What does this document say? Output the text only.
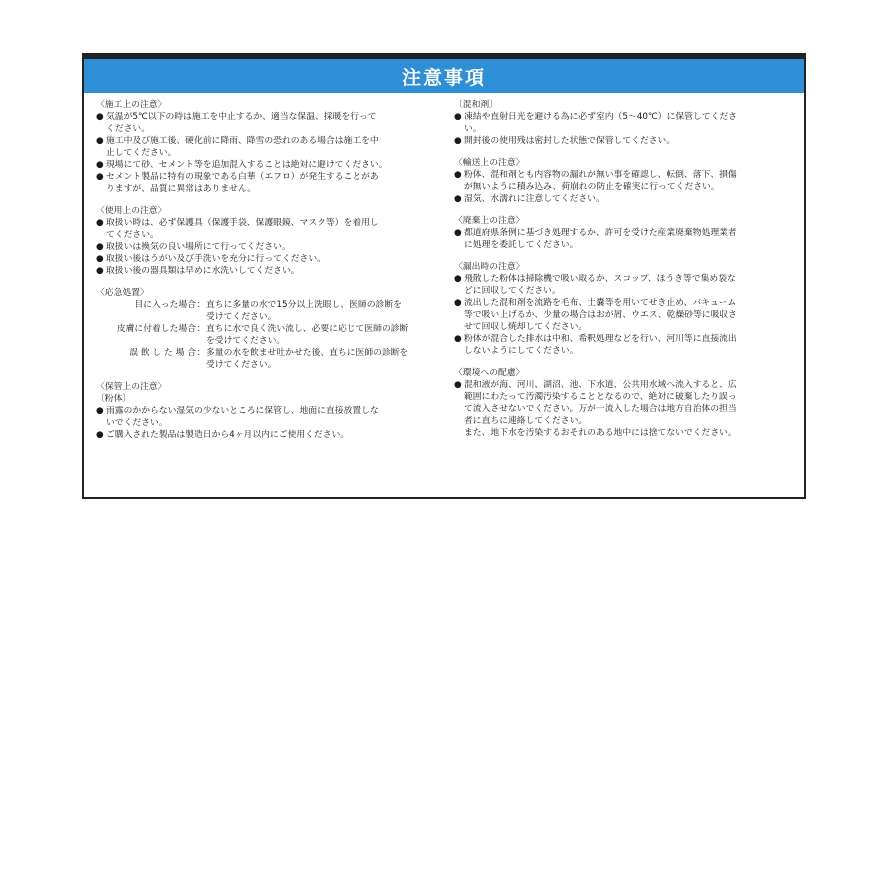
注意事項
〈施工上の注意〉
● 気温が5℃以下の時は施工を中止するか、適当な保温、採暖を行って
ください。
● 施工中及び施工後、硬化前に降雨、降雪の恐れのある場合は施工を中
止してください。
● 現場にて砂、セメント等を追加混入することは絶対に避けてください。
● セメント製品に特有の現象である白華（エフロ）が発生することがあ
りますが、品質に異常はありません。
〈使用上の注意〉
● 取扱い時は、必ず保護具（保護手袋、保護眼鏡、マスク等）を着用し
てください。
● 取扱いは換気の良い場所にて行ってください。
● 取扱い後はうがい及び手洗いを充分に行ってください。
● 取扱い後の器具類は早めに水洗いしてください。
〈応急処置〉
目に入った場合 ： 直ちに多量の水で15分以上洗眼し、医師の診断を
受けてください。
皮膚に付着した場合 ： 直ちに水で良く洗い流し、必要に応じて医師の診断
を受けてください。
誤 飲 し た 場 合 ： 多量の水を飲ませ吐かせた後、直ちに医師の診断を
受けてください。
〈保管上の注意〉
〔粉体〕
● 雨露のかからない湿気の少ないところに保管し、地面に直接放置しな
いでください。
● ご購入された製品は製造日から4ヶ月以内にご使用ください。
〔混和剤〕
● 凍結や直射日光を避ける為に必ず室内（5～40℃）に保管してくださ
い。
● 開封後の使用残は密封した状態で保管してください。
〈輸送上の注意〉
● 粉体、混和剤とも内容物の漏れが無い事を確認し、転倒、落下、損傷
が無いように積み込み、荷崩れの防止を確実に行ってください。
● 湿気、水濡れに注意してください。
〈廃棄上の注意〉
● 都道府県条例に基づき処理するか、許可を受けた産業廃棄物処理業者
に処理を委託してください。
〈漏出時の注意〉
● 飛散した粉体は掃除機で吸い取るか、スコップ、ほうき等で集め袋な
どに回収してください。
● 流出した混和剤を流路を毛布、土嚢等を用いてせき止め、バキューム
等で吸い上げるか、少量の場合はおが屑、ウエス、乾燥砂等に吸収さ
せて回収し焼却してください。
● 粉体が混合した排水は中和、希釈処理などを行い、河川等に直接流出
しないようにしてください。
〈環境への配慮〉
● 混和液が海、河川、湖沼、池、下水道、公共用水域へ流入すると、広
範囲にわたって汚濁汚染することとなるので、絶対に破棄したり誤っ
て流入させないでください。万が一流入した場合は地方自治体の担当
者に直ちに連絡してください。
また、地下水を汚染するおそれのある地中には捨てないでください。
